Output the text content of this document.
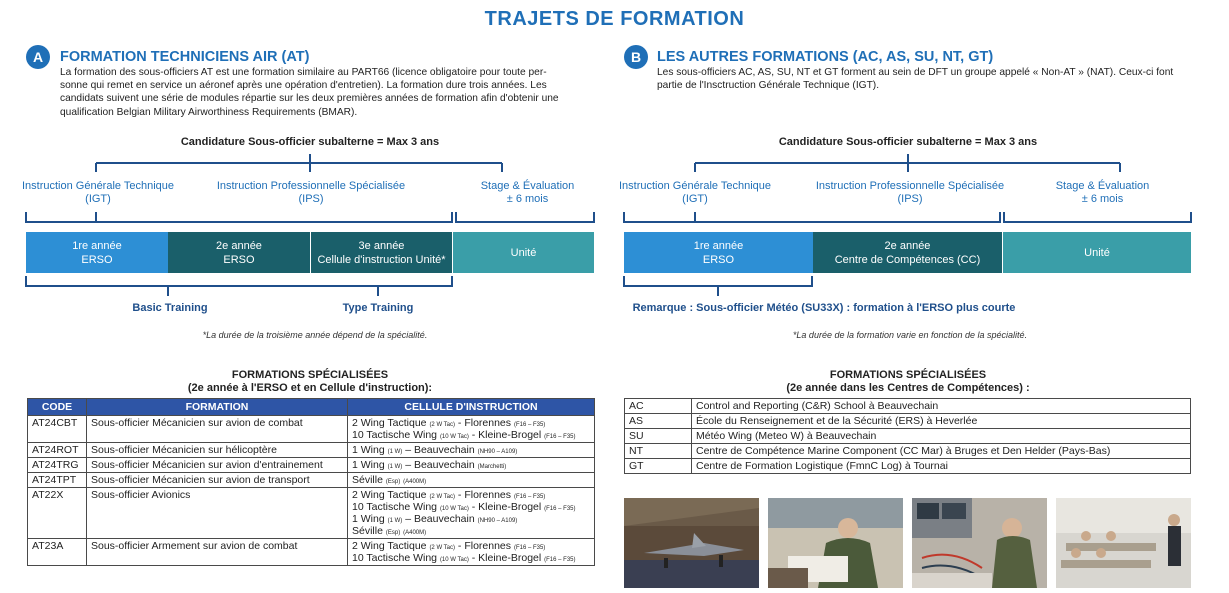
TRAJETS DE FORMATION
A	FORMATION TECHNICIENS AIR (AT)
La formation des sous-officiers AT est une formation similaire au PART66 (licence obligatoire pour toute per-
sonne qui remet en service un aéronef après une opération d'entretien). La formation dure trois années. Les
candidats suivent une série de modules répartie sur les deux premières années de formation afin d'obtenir une
qualification Belgian Military Airworthiness Requirements (BMAR).
Candidature Sous-officier subalterne = Max 3 ans
Instruction Générale Technique
(IGT)
Instruction Professionnelle Spécialisée
(IPS)
Stage & Évaluation
± 6 mois
1re année
ERSO
2e année
ERSO
3e année
Cellule d'instruction Unité*
Unité
Basic Training	Type Training
*La durée de la troisième année dépend de la spécialité.
FORMATIONS SPÉCIALISÉES
(2e année à l'ERSO et en Cellule d'instruction):
CODE	FORMATION	CELLULE D'INSTRUCTION
AT24CBT	Sous-officier Mécanicien sur avion de combat	2 Wing Tactique (2 W Tac) - Florennes (F16 – F35)
10 Tactische Wing (10 W Tac) - Kleine-Brogel (F16 – F35)

AT24ROT	Sous-officier Mécanicien sur hélicoptère	1 Wing (1 W) – Beauvechain (NH90 – A109)

AT24TRG	Sous-officier Mécanicien sur avion d'entrainement	1 Wing (1 W) – Beauvechain (Marchetti)

AT24TPT	Sous-officier Mécanicien sur avion de transport	Séville (Esp) (A400M)

AT22X	Sous-officier Avionics	2 Wing Tactique (2 W Tac) - Florennes (F16 – F35)
10 Tactische Wing (10 W Tac) - Kleine-Brogel (F16 – F35)
1 Wing (1 W) – Beauvechain (NH90 – A109)
Séville (Esp) (A400M)

AT23A	Sous-officier Armement sur avion de combat	2 Wing Tactique (2 W Tac) - Florennes (F16 – F35)
10 Tactische Wing (10 W Tac) - Kleine-Brogel (F16 – F35)
B	LES AUTRES FORMATIONS (AC, AS, SU, NT, GT)
Les sous-officiers AC, AS, SU, NT et GT forment au sein de DFT un groupe appelé « Non-AT » (NAT). Ceux-ci font
partie de l'Insctruction Générale Technique (IGT).
Candidature Sous-officier subalterne = Max 3 ans
Instruction Générale Technique
(IGT)
Instruction Professionnelle Spécialisée
(IPS)
Stage & Évaluation
± 6 mois
1re année
ERSO
2e année
Centre de Compétences (CC)
Unité
Remarque : Sous-officier Météo (SU33X) : formation à l'ERSO plus courte
*La durée de la formation varie en fonction de la spécialité.
FORMATIONS SPÉCIALISÉES
(2e année dans les Centres de Compétences) :
AC	Control and Reporting (C&R) School à Beauvechain
AS	École du Renseignement et de la Sécurité (ERS) à Heverlée
SU	Météo Wing (Meteo W) à Beauvechain
NT	Centre de Compétence Marine Component (CC Mar) à Bruges et Den Helder (Pays-Bas)
GT	Centre de Formation Logistique (FmnC Log) à Tournai
